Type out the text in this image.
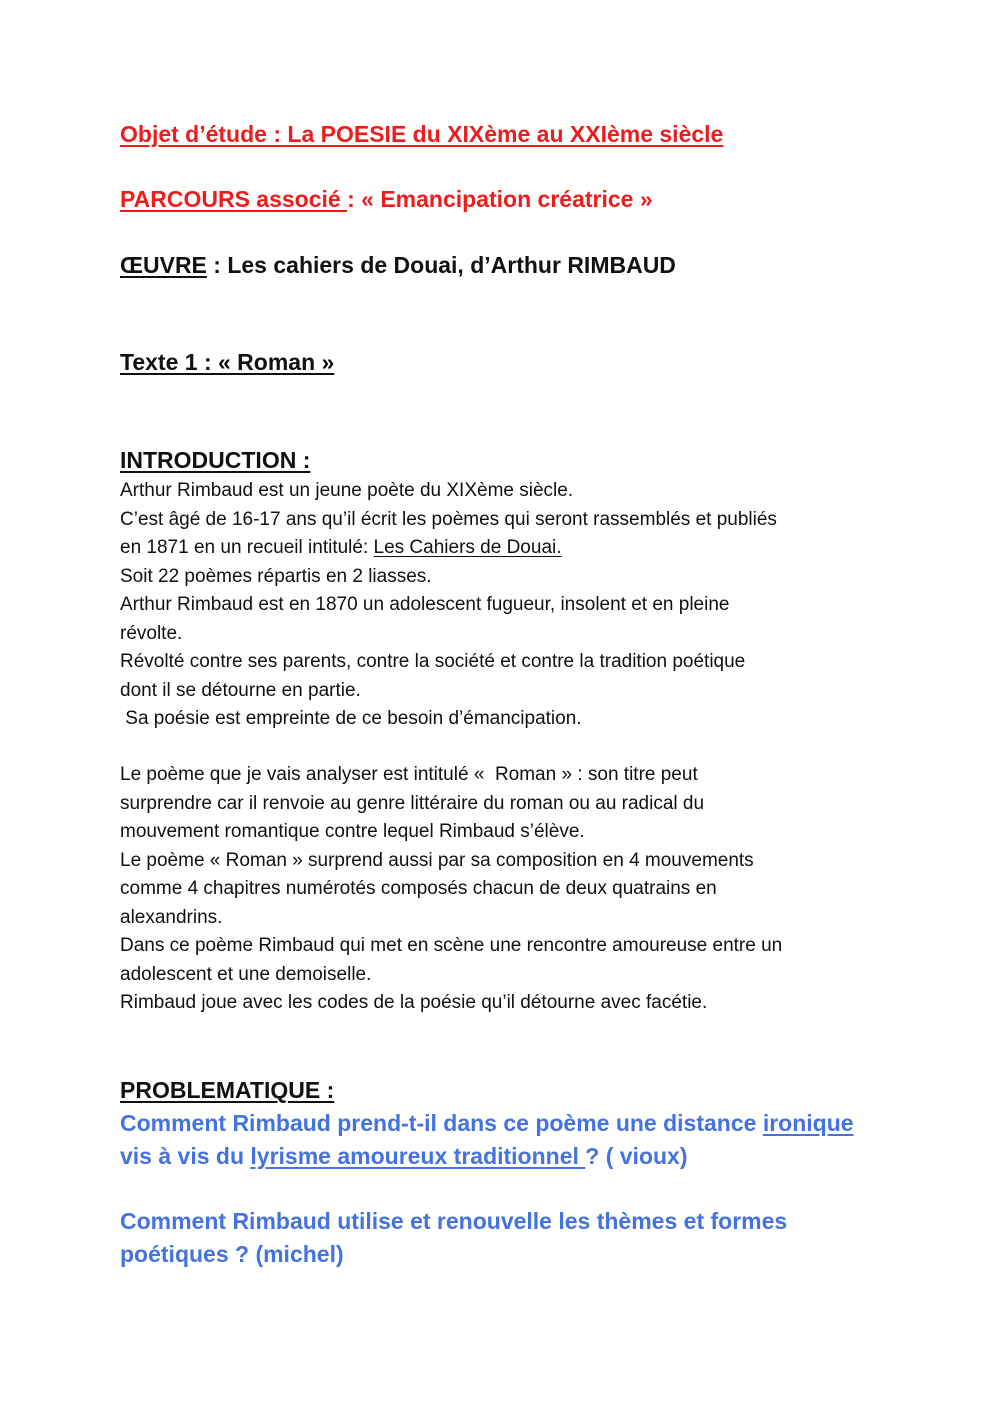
Objet d’étude : La POESIE du XIXème au XXIème siècle
PARCOURS associé : « Emancipation créatrice »
ŒUVRE : Les cahiers de Douai, d’Arthur RIMBAUD
Texte 1 : « Roman »
INTRODUCTION :
Arthur Rimbaud est un jeune poète du XIXème siècle.
C’est âgé de 16-17 ans qu’il écrit les poèmes qui seront rassemblés et publiés
en 1871 en un recueil intitulé: Les Cahiers de Douai.
Soit 22 poèmes répartis en 2 liasses.
Arthur Rimbaud est en 1870 un adolescent fugueur, insolent et en pleine
révolte.
Révolté contre ses parents, contre la société et contre la tradition poétique
dont il se détourne en partie.
Sa poésie est empreinte de ce besoin d’émancipation.
Le poème que je vais analyser est intitulé «  Roman » : son titre peut
surprendre car il renvoie au genre littéraire du roman ou au radical du
mouvement romantique contre lequel Rimbaud s’élève.
Le poème « Roman » surprend aussi par sa composition en 4 mouvements
comme 4 chapitres numérotés composés chacun de deux quatrains en
alexandrins.
Dans ce poème Rimbaud qui met en scène une rencontre amoureuse entre un
adolescent et une demoiselle.
Rimbaud joue avec les codes de la poésie qu’il détourne avec facétie.
PROBLEMATIQUE :
Comment Rimbaud prend-t-il dans ce poème une distance ironique
vis à vis du lyrisme amoureux traditionnel ? ( vioux)
Comment Rimbaud utilise et renouvelle les thèmes et formes
poétiques ? (michel)
